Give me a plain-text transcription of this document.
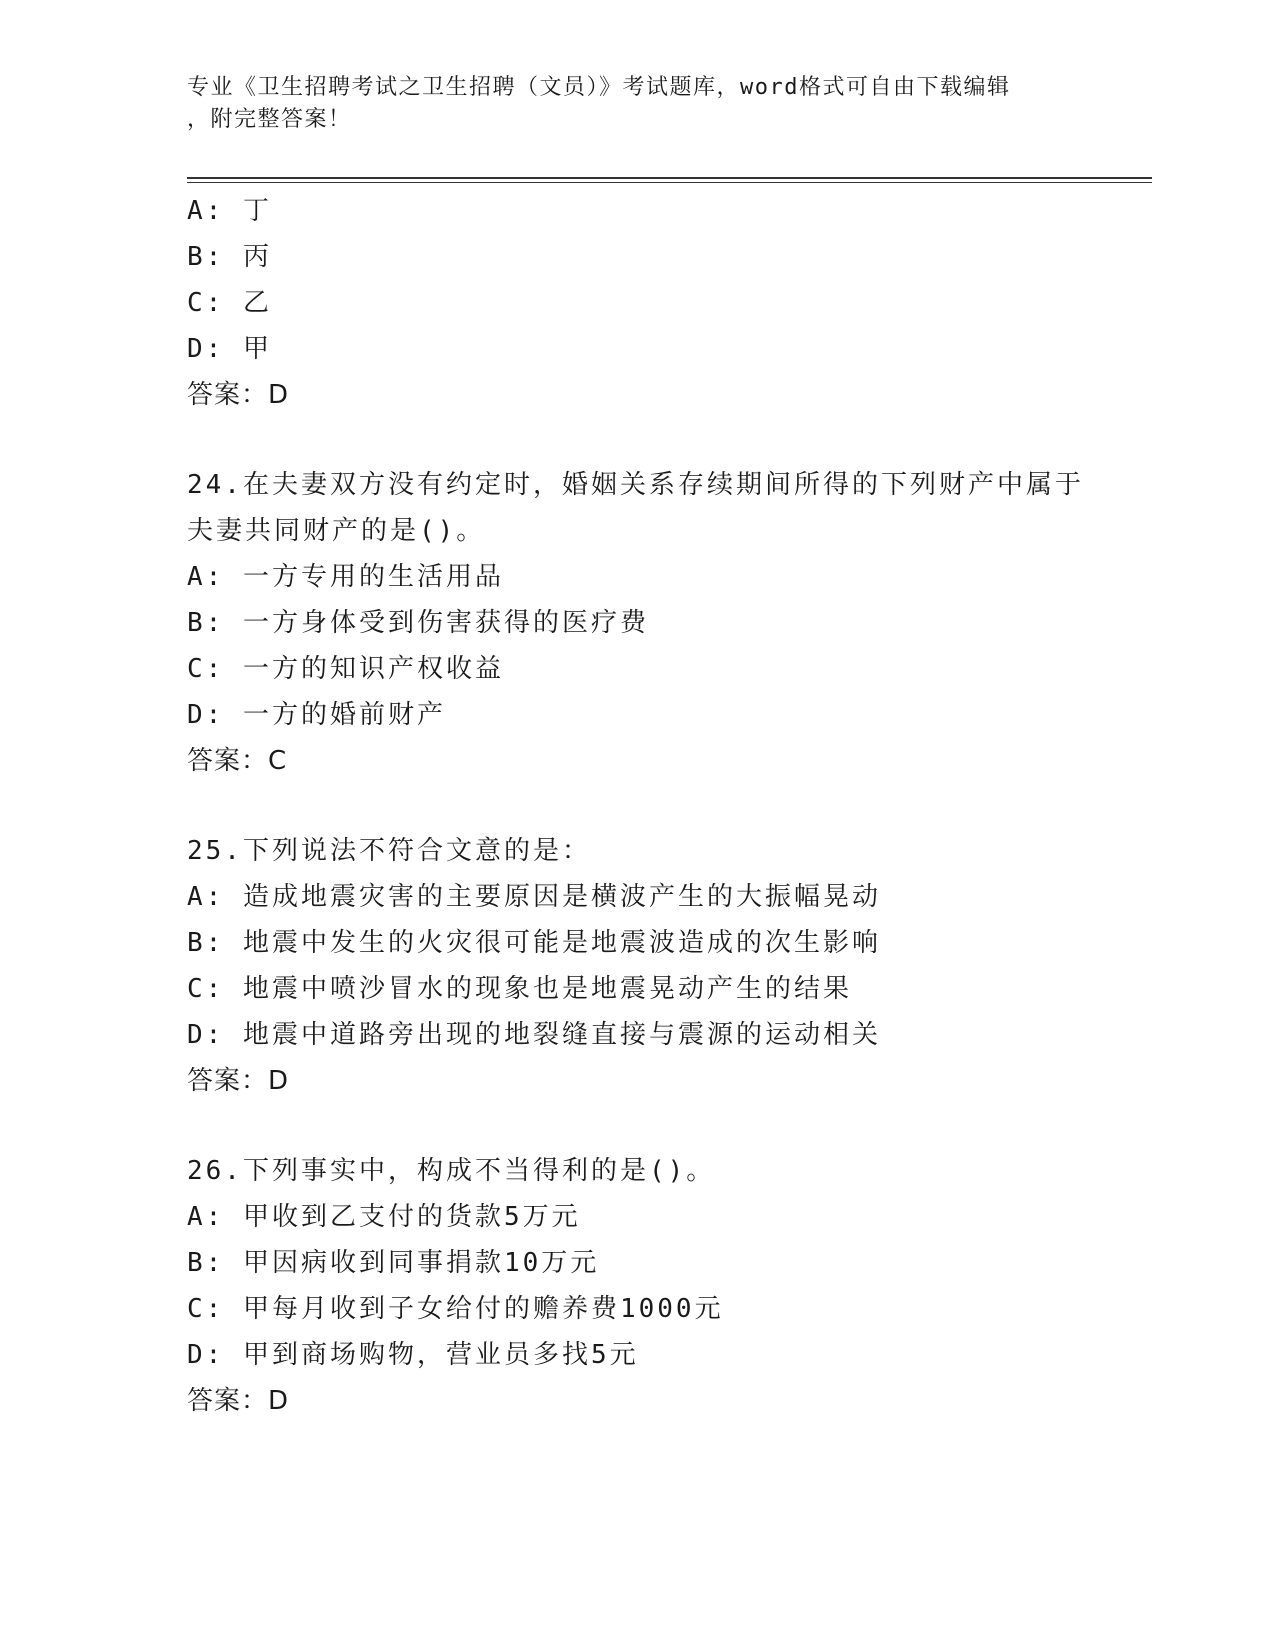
专业《卫生招聘考试之卫生招聘（文员）》考试题库，word格式可自由下载编辑
，附完整答案！
A: 丁
B: 丙
C: 乙
D: 甲
答案：D
24.在夫妻双方没有约定时，婚姻关系存续期间所得的下列财产中属于
夫妻共同财产的是()。
A: 一方专用的生活用品
B: 一方身体受到伤害获得的医疗费
C: 一方的知识产权收益
D: 一方的婚前财产
答案：C
25.下列说法不符合文意的是：
A: 造成地震灾害的主要原因是横波产生的大振幅晃动
B: 地震中发生的火灾很可能是地震波造成的次生影响
C: 地震中喷沙冒水的现象也是地震晃动产生的结果
D: 地震中道路旁出现的地裂缝直接与震源的运动相关
答案：D
26.下列事实中，构成不当得利的是()。
A: 甲收到乙支付的货款5万元
B: 甲因病收到同事捐款10万元
C: 甲每月收到子女给付的赡养费1000元
D: 甲到商场购物，营业员多找5元
答案：D
